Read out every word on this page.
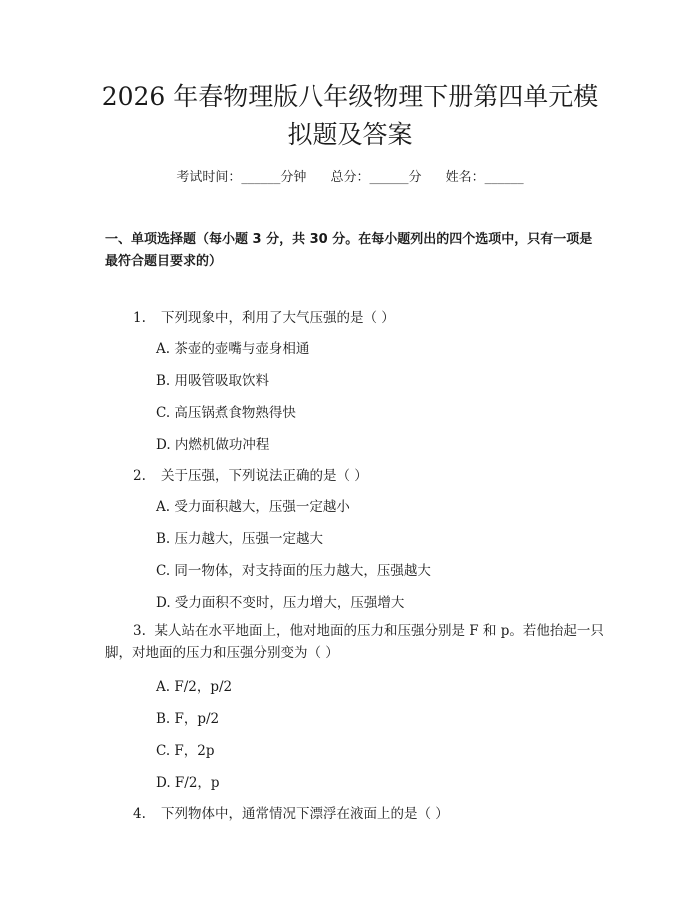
2026 年春物理版八年级物理下册第四单元模
拟题及答案
考试时间：______分钟 总分：______分 姓名：______

一、单项选择题（每小题 3 分，共 30 分。在每小题列出的四个选项中，只有一项是最符合题目要求的）

1. 下列现象中，利用了大气压强的是（ ）
A. 茶壶的壶嘴与壶身相通
B. 用吸管吸取饮料
C. 高压锅煮食物熟得快
D. 内燃机做功冲程
2. 关于压强，下列说法正确的是（ ）
A. 受力面积越大，压强一定越小
B. 压力越大，压强一定越大
C. 同一物体，对支持面的压力越大，压强越大
D. 受力面积不变时，压力增大，压强增大
3. 某人站在水平地面上，他对地面的压力和压强分别是 F 和 p。若他抬起一只脚，对地面的压力和压强分别变为（ ）
A. F/2，p/2
B. F，p/2
C. F，2p
D. F/2，p
4. 下列物体中，通常情况下漂浮在液面上的是（ ）
